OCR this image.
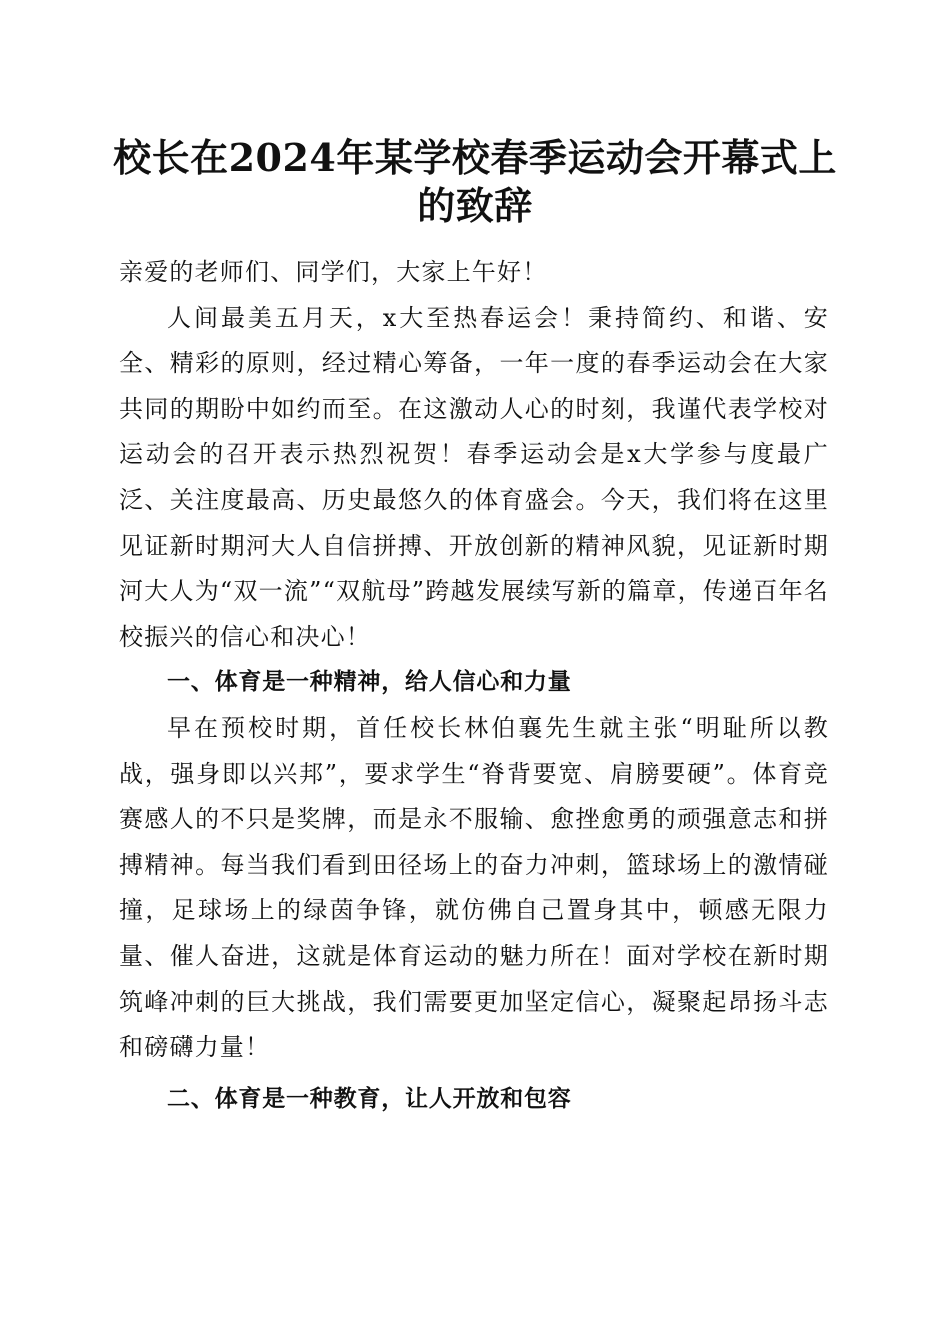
校长在2024年某学校春季运动会开幕式上的致辞

亲爱的老师们、同学们，大家上午好！

人间最美五月天，x大至热春运会！秉持简约、和谐、安全、精彩的原则，经过精心筹备，一年一度的春季运动会在大家共同的期盼中如约而至。在这激动人心的时刻，我谨代表学校对运动会的召开表示热烈祝贺！春季运动会是x大学参与度最广泛、关注度最高、历史最悠久的体育盛会。今天，我们将在这里见证新时期河大人自信拼搏、开放创新的精神风貌，见证新时期河大人为“双一流”“双航母”跨越发展续写新的篇章，传递百年名校振兴的信心和决心！

一、体育是一种精神，给人信心和力量

早在预校时期，首任校长林伯襄先生就主张“明耻所以教战，强身即以兴邦”，要求学生“脊背要宽、肩膀要硬”。体育竞赛感人的不只是奖牌，而是永不服输、愈挫愈勇的顽强意志和拼搏精神。每当我们看到田径场上的奋力冲刺，篮球场上的激情碰撞，足球场上的绿茵争锋，就仿佛自己置身其中，顿感无限力量、催人奋进，这就是体育运动的魅力所在！面对学校在新时期筑峰冲刺的巨大挑战，我们需要更加坚定信心，凝聚起昂扬斗志和磅礴力量！

二、体育是一种教育，让人开放和包容
